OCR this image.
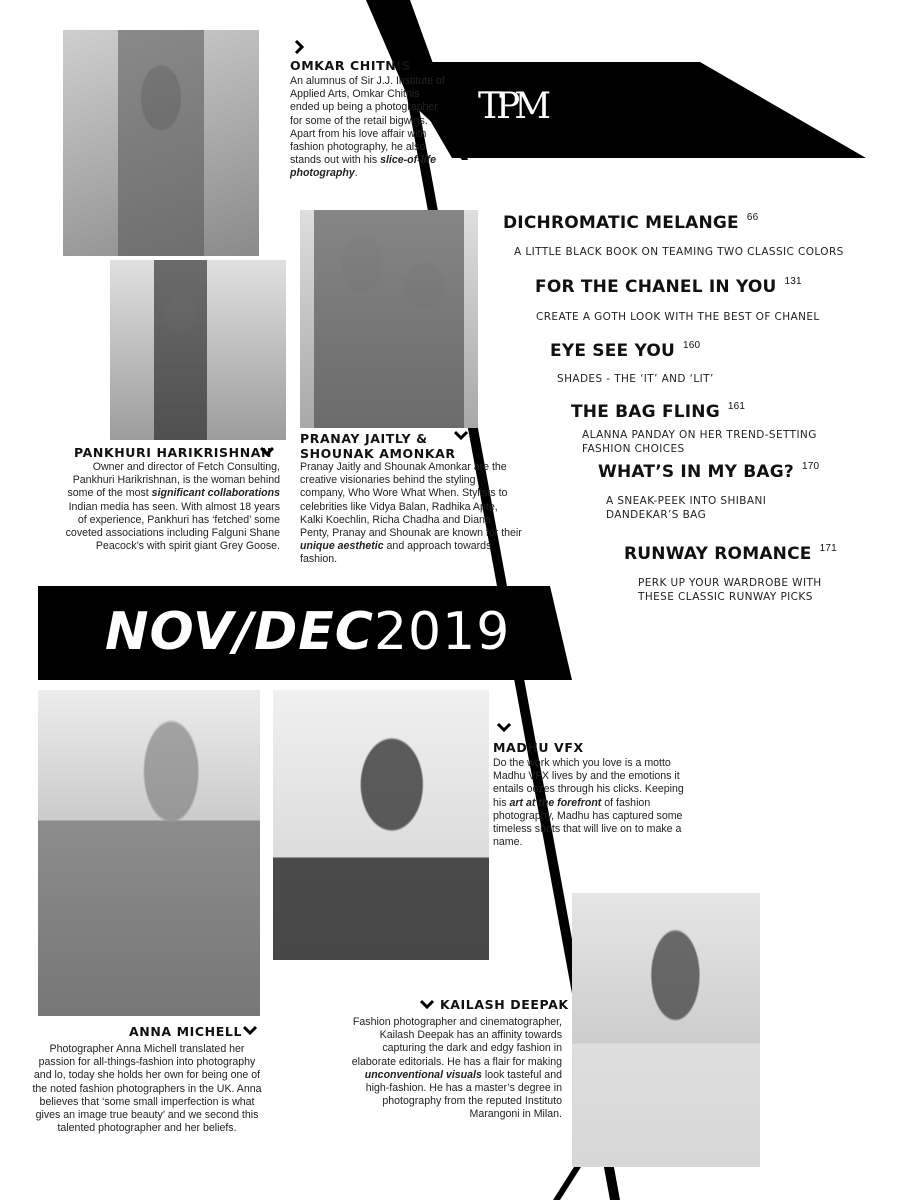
TPM
NOV/DEC2019
OMKAR CHITNIS
An alumnus of Sir J.J. Institute of Applied Arts, Omkar Chitnis ended up being a photographer for some of the retail bigwigs. Apart from his love affair with fashion photography, he also stands out with his slice-of-life photography.
PANKHURI HARIKRISHNAN
Owner and director of Fetch Consulting, Pankhuri Harikrishnan, is the woman behind some of the most significant collaborations Indian media has seen. With almost 18 years of experience, Pankhuri has ‘fetched’ some coveted associations including Falguni Shane Peacock’s with spirit giant Grey Goose.
PRANAY JAITLY &
SHOUNAK AMONKAR
Pranay Jaitly and Shounak Amonkar are the creative visionaries behind the styling company, Who Wore What When. Stylists to celebrities like Vidya Balan, Radhika Apte, Kalki Koechlin, Richa Chadha and Diana Penty, Pranay and Shounak are known for their unique aesthetic and approach towards fashion.
DICHROMATIC MELANGE $^{66}$
A LITTLE BLACK BOOK ON TEAMING TWO CLASSIC COLORS
FOR THE CHANEL IN YOU $^{131}$
CREATE A GOTH LOOK WITH THE BEST OF CHANEL
EYE SEE YOU $^{160}$
SHADES - THE ‘IT’ AND ‘LIT’
THE BAG FLING $^{161}$
ALANNA PANDAY ON HER TREND-SETTING
FASHION CHOICES
WHAT’S IN MY BAG? $^{170}$
A SNEAK-PEEK INTO SHIBANI
DANDEKAR’S BAG
RUNWAY ROMANCE $^{171}$
PERK UP YOUR WARDROBE WITH
THESE CLASSIC RUNWAY PICKS
MADHU VFX
Do the work which you love is a motto Madhu VFX lives by and the emotions it entails oozes through his clicks. Keeping his art at the forefront of fashion photography, Madhu has captured some timeless shots that will live on to make a name.
ANNA MICHELL
Photographer Anna Michell translated her passion for all-things-fashion into photography and lo, today she holds her own for being one of the noted fashion photographers in the UK. Anna believes that ‘some small imperfection is what gives an image true beauty’ and we second this talented photographer and her beliefs.
KAILASH DEEPAK
Fashion photographer and cinematographer, Kailash Deepak has an affinity towards capturing the dark and edgy fashion in elaborate editorials. He has a flair for making unconventional visuals look tasteful and high-fashion. He has a master’s degree in photography from the reputed Instituto Marangoni in Milan.
